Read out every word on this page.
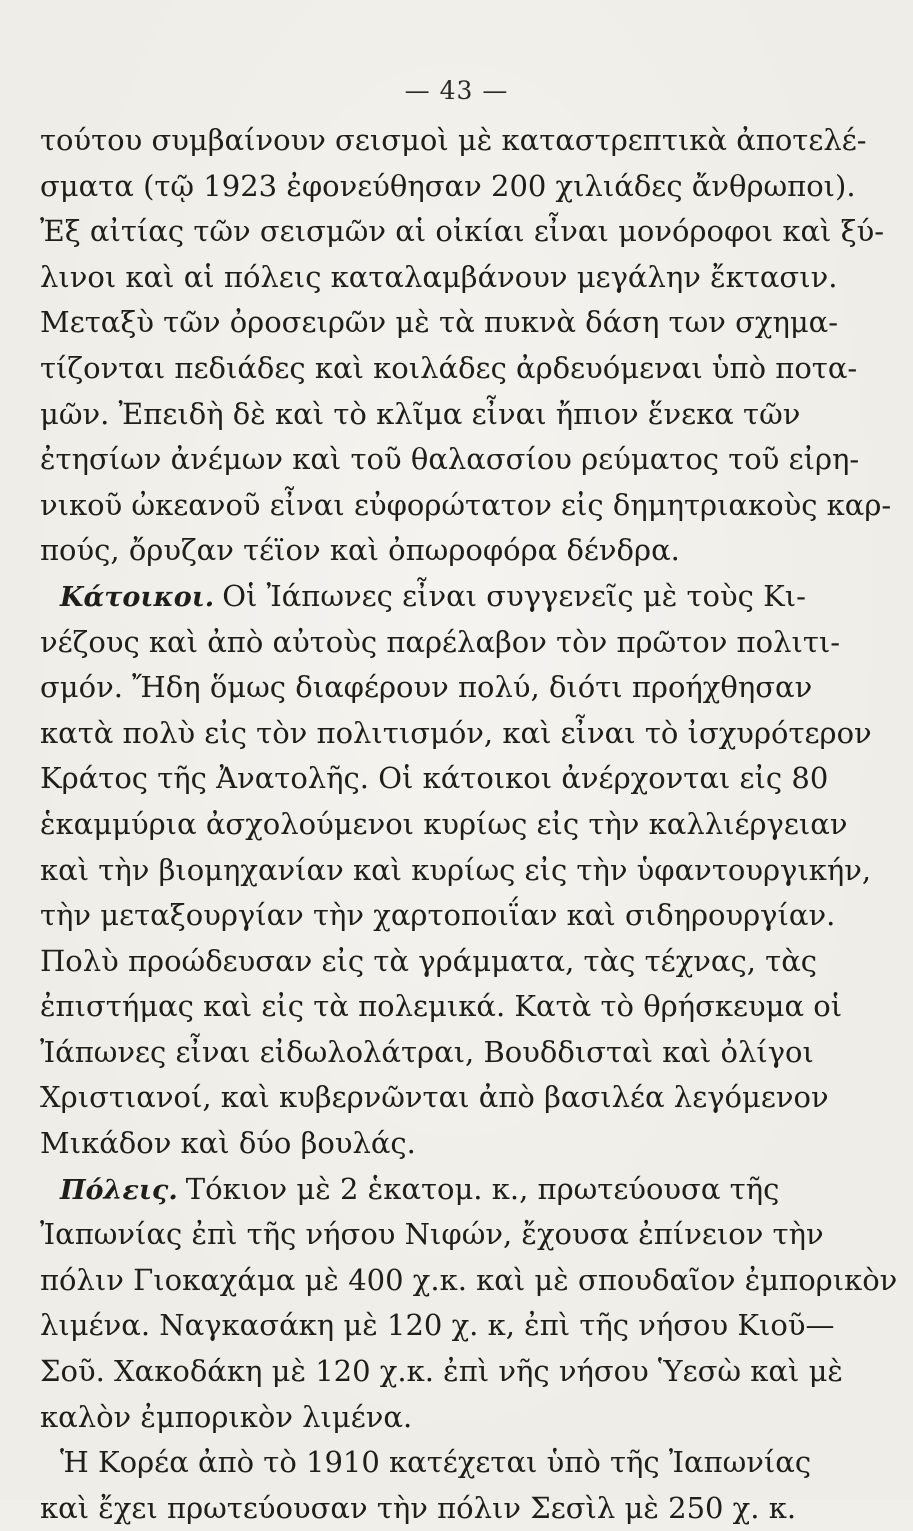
— 43 —
τούτου συμβαίνουν σεισμοὶ μὲ καταστρεπτικὰ ἀποτελέ-
σματα (τῷ 1923 ἐφονεύθησαν 200 χιλιάδες ἄνθρωποι).
Ἐξ αἰτίας τῶν σεισμῶν αἱ οἰκίαι εἶναι μονόροφοι καὶ ξύ-
λινοι καὶ αἱ πόλεις καταλαμβάνουν μεγάλην ἔκτασιν.
Μεταξὺ τῶν ὀροσειρῶν μὲ τὰ πυκνὰ δάση των σχημα-
τίζονται πεδιάδες καὶ κοιλάδες ἀρδευόμεναι ὑπὸ ποτα-
μῶν. Ἐπειδὴ δὲ καὶ τὸ κλῖμα εἶναι ἤπιον ἕνεκα τῶν
ἐτησίων ἀνέμων καὶ τοῦ θαλασσίου ρεύματος τοῦ εἰρη-
νικοῦ ὠκεανοῦ εἶναι εὐφορώτατον εἰς δημητριακοὺς καρ-
πούς, ὄρυζαν τέϊον καὶ ὀπωροφόρα δένδρα.
Κάτοικοι. Οἱ Ἰάπωνες εἶναι συγγενεῖς μὲ τοὺς Κι-
νέζους καὶ ἀπὸ αὐτοὺς παρέλαβον τὸν πρῶτον πολιτι-
σμόν. Ἤδη ὅμως διαφέρουν πολύ, διότι προήχθησαν
κατὰ πολὺ εἰς τὸν πολιτισμόν, καὶ εἶναι τὸ ἰσχυρότερον
Κράτος τῆς Ἀνατολῆς. Οἱ κάτοικοι ἀνέρχονται εἰς 80
ἑκαμμύρια ἀσχολούμενοι κυρίως εἰς τὴν καλλιέργειαν
καὶ τὴν βιομηχανίαν καὶ κυρίως εἰς τὴν ὑφαντουργικήν,
τὴν μεταξουργίαν τὴν χαρτοποιΐαν καὶ σιδηρουργίαν.
Πολὺ προώδευσαν εἰς τὰ γράμματα, τὰς τέχνας, τὰς
ἐπιστήμας καὶ εἰς τὰ πολεμικά. Κατὰ τὸ θρήσκευμα οἱ
Ἰάπωνες εἶναι εἰδωλολάτραι, Βουδδισταὶ καὶ ὀλίγοι
Χριστιανοί, καὶ κυβερνῶνται ἀπὸ βασιλέα λεγόμενον
Μικάδον καὶ δύο βουλάς.
Πόλεις. Τόκιον μὲ 2 ἑκατομ. κ., πρωτεύουσα τῆς
Ἰαπωνίας ἐπὶ τῆς νήσου Νιφών, ἔχουσα ἐπίνειον τὴν
πόλιν Γιοκαχάμα μὲ 400 χ.κ. καὶ μὲ σπουδαῖον ἐμπορικὸν
λιμένα. Ναγκασάκη μὲ 120 χ. κ, ἐπὶ τῆς νήσου Κιοῦ—
Σοῦ. Χακοδάκη μὲ 120 χ.κ. ἐπὶ νῆς νήσου Ὑεσὼ καὶ μὲ
καλὸν ἐμπορικὸν λιμένα.
Ἡ Κορέα ἀπὸ τὸ 1910 κατέχεται ὑπὸ τῆς Ἰαπωνίας
καὶ ἔχει πρωτεύουσαν τὴν πόλιν Σεσὶλ μὲ 250 χ. κ.
